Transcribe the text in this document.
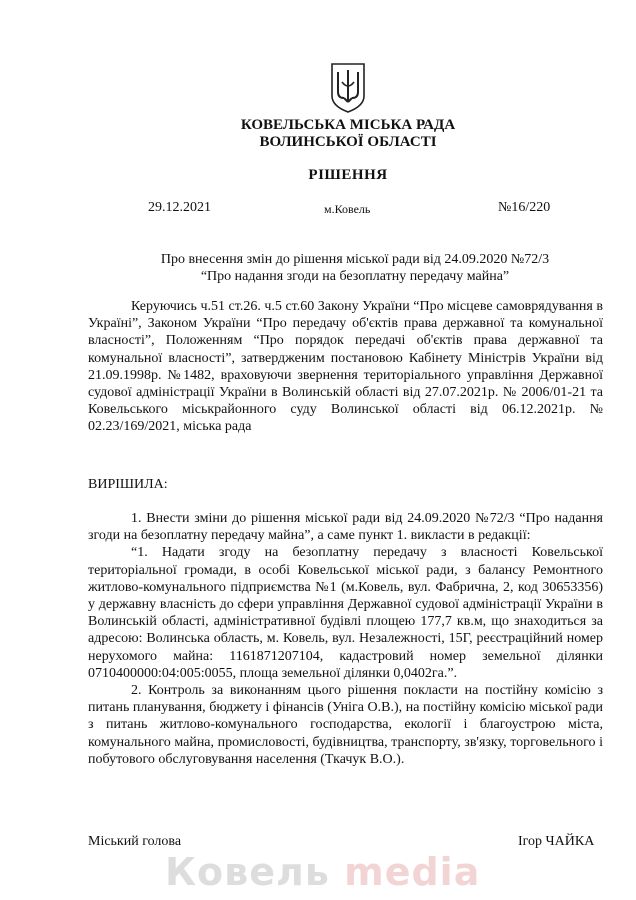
КОВЕЛЬСЬКА МІСЬКА РАДА
ВОЛИНСЬКОЇ ОБЛАСТІ
РІШЕННЯ
29.12.2021	м.Ковель	№16/220
Про внесення змін до рішення міської ради від 24.09.2020 №72/3
“Про надання згоди на безоплатну передачу майна”

Керуючись ч.51 ст.26. ч.5 ст.60 Закону України “Про місцеве самоврядування в Україні”, Законом України “Про передачу об'єктів права державної та комунальної власності”, Положенням “Про порядок передачі об'єктів права державної та комунальної власності”, затвердженим постановою Кабінету Міністрів України від 21.09.1998р. №1482, враховуючи звернення територіального управління Державної судової адміністрації України в Волинській області від 27.07.2021р. № 2006/01-21 та Ковельського міськрайонного суду Волинської області від 06.12.2021р. № 02.23/169/2021, міська рада

ВИРІШИЛА:

1. Внести зміни до рішення міської ради від 24.09.2020 №72/3 “Про надання згоди на безоплатну передачу майна”, а саме пункт 1. викласти в редакції:

“1. Надати згоду на безоплатну передачу з власності Ковельської територіальної громади, в особі Ковельської міської ради, з балансу Ремонтного житлово-комунального підприємства №1 (м.Ковель, вул. Фабрична, 2, код 30653356) у державну власність до сфери управління Державної судової адміністрації України в Волинській області, адміністративної будівлі площею 177,7 кв.м, що знаходиться за адресою: Волинська область, м. Ковель, вул. Незалежності, 15Г, реєстраційний номер нерухомого майна: 1161871207104, кадастровий номер земельної ділянки 0710400000:04:005:0055, площа земельної ділянки 0,0402га.”.

2. Контроль за виконанням цього рішення покласти на постійну комісію з питань планування, бюджету і фінансів (Уніга О.В.), на постійну комісію міської ради з питань житлово-комунального господарства, екології і благоустрою міста, комунального майна, промисловості, будівництва, транспорту, зв'язку, торговельного і побутового обслуговування населення (Ткачук В.О.).

Міський голова	Ігор ЧАЙКА
Ковель media
